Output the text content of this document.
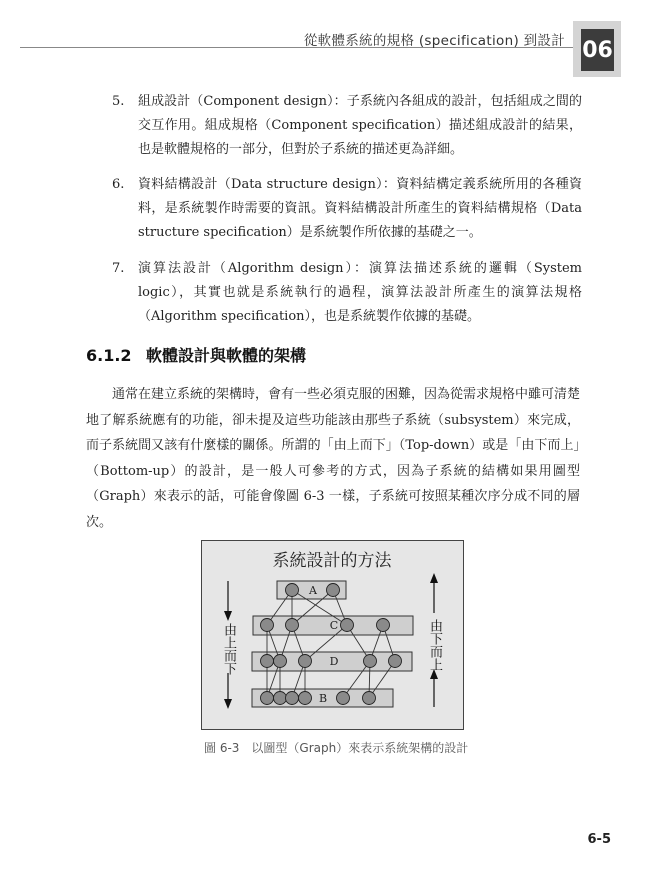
從軟體系統的規格 (specification) 到設計 06
5. 組成設計（Component design）：子系統內各組成的設計，包括組成之間的交互作用。組成規格（Component specification）描述組成設計的結果，也是軟體規格的一部分，但對於子系統的描述更為詳細。
6. 資料結構設計（Data structure design）：資料結構定義系統所用的各種資料，是系統製作時需要的資訊。資料結構設計所產生的資料結構規格（Data structure specification）是系統製作所依據的基礎之一。
7. 演算法設計（Algorithm design）：演算法描述系統的邏輯（System logic），其實也就是系統執行的過程，演算法設計所產生的演算法規格（Algorithm specification），也是系統製作依據的基礎。
6.1.2 軟體設計與軟體的架構
通常在建立系統的架構時，會有一些必須克服的困難，因為從需求規格中雖可清楚地了解系統應有的功能，卻未提及這些功能該由那些子系統（subsystem）來完成，而子系統間又該有什麼樣的關係。所謂的「由上而下」（Top-down）或是「由下而上」（Bottom-up）的設計，是一般人可參考的方式，因為子系統的結構如果用圖型（Graph）來表示的話，可能會像圖 6-3 一樣，子系統可按照某種次序分成不同的層次。
系統設計的方法
A
C
D
B
由上而下	由下而上
圖 6-3　以圖型（Graph）來表示系統架構的設計
6-5
